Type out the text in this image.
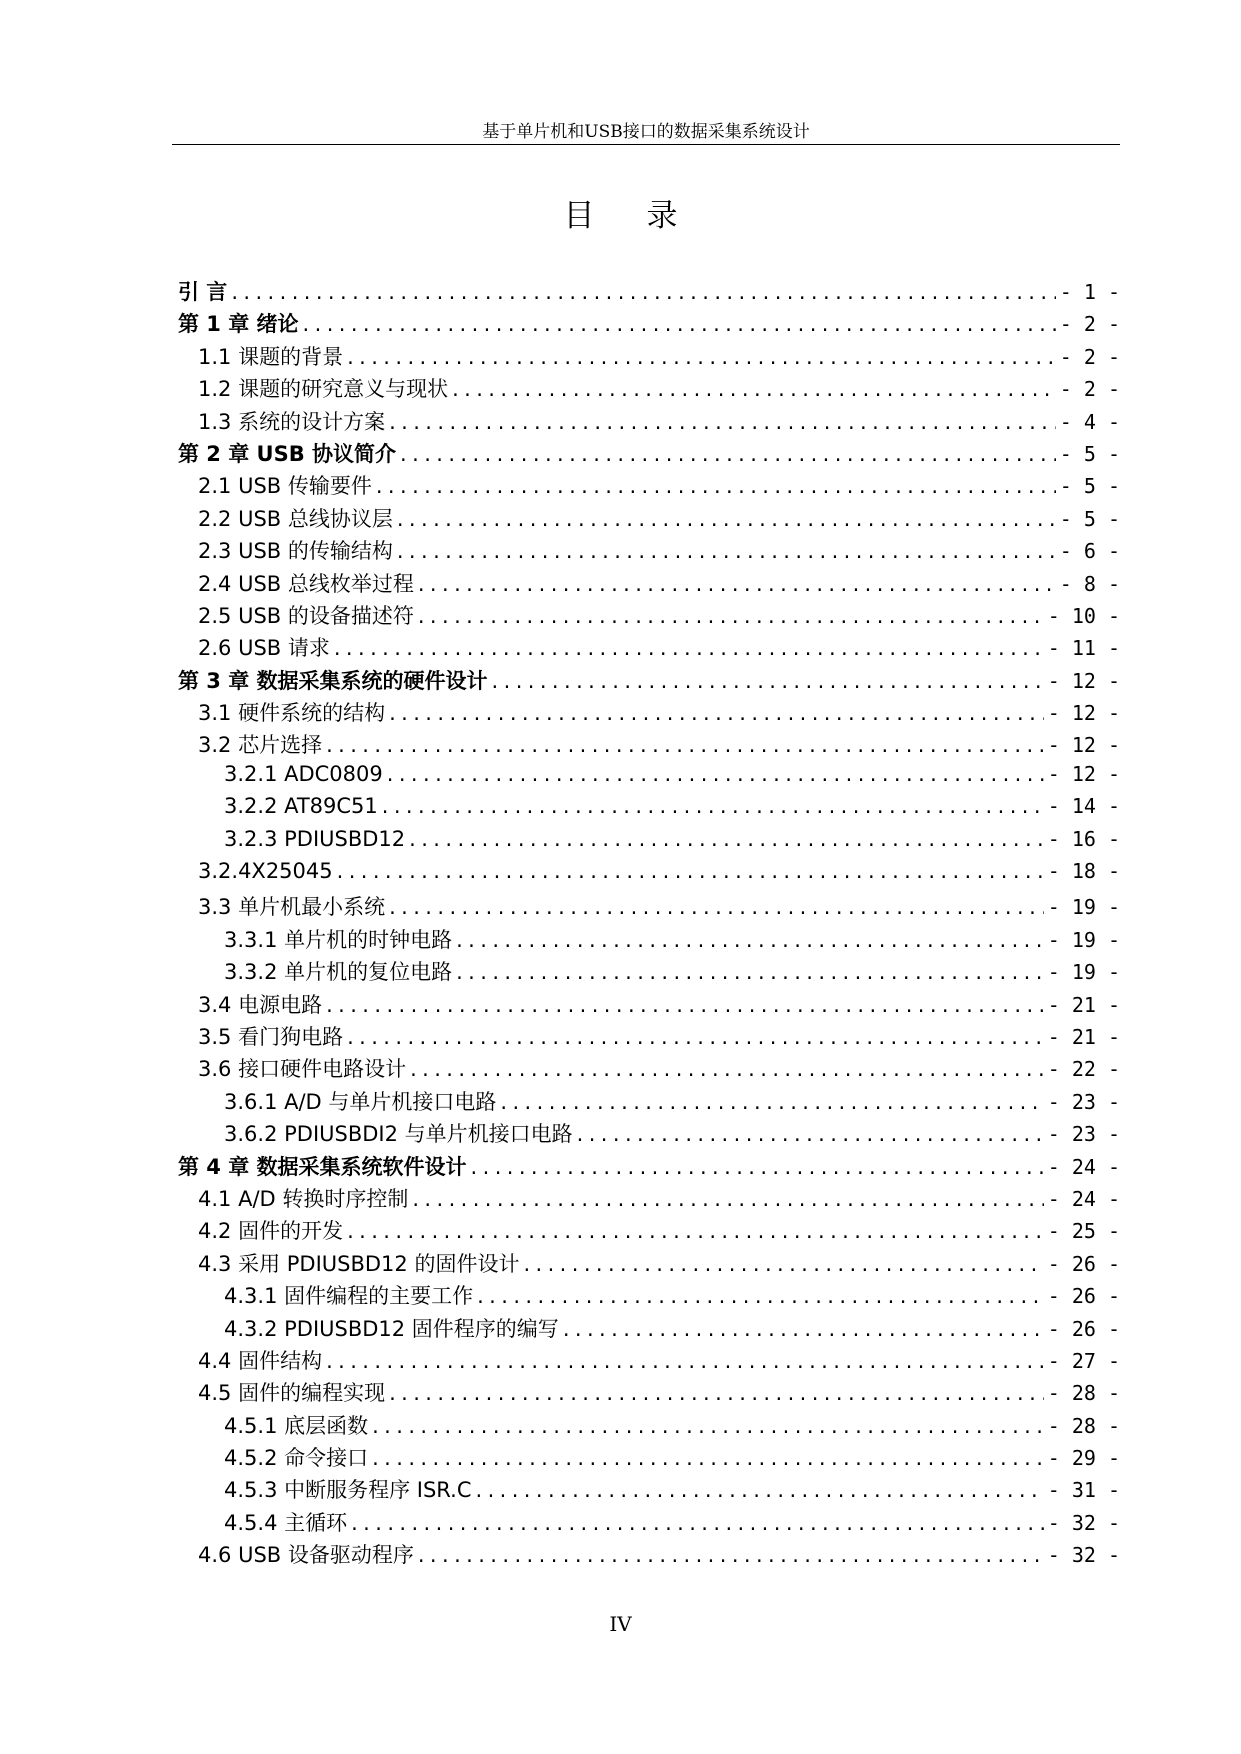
基于单片机和USB接口的数据采集系统设计
目录
引 言 .....	- 1 -
第 1 章 绪论 .....	- 2 -
1.1 课题的背景 .....	- 2 -
1.2 课题的研究意义与现状 .....	- 2 -
1.3 系统的设计方案 .....	- 4 -
第 2 章 USB 协议简介 .....	- 5 -
2.1 USB 传输要件 .....	- 5 -
2.2 USB 总线协议层 .....	- 5 -
2.3 USB 的传输结构 .....	- 6 -
2.4 USB 总线枚举过程 .....	- 8 -
2.5 USB 的设备描述符 .....	- 10 -
2.6 USB 请求 .....	- 11 -
第 3 章 数据采集系统的硬件设计 .....	- 12 -
3.1 硬件系统的结构 .....	- 12 -
3.2 芯片选择 .....	- 12 -
3.2.1 ADC0809 .....	- 12 -
3.2.2 AT89C51 .....	- 14 -
3.2.3 PDIUSBD12 .....	- 16 -
3.2.4X25045 .....	- 18 -
3.3 单片机最小系统 .....	- 19 -
3.3.1 单片机的时钟电路 .....	- 19 -
3.3.2 单片机的复位电路 .....	- 19 -
3.4 电源电路 .....	- 21 -
3.5 看门狗电路 .....	- 21 -
3.6 接口硬件电路设计 .....	- 22 -
3.6.1 A/D 与单片机接口电路 .....	- 23 -
3.6.2 PDIUSBDI2 与单片机接口电路 .....	- 23 -
第 4 章 数据采集系统软件设计 .....	- 24 -
4.1 A/D 转换时序控制 .....	- 24 -
4.2 固件的开发 .....	- 25 -
4.3 采用 PDIUSBD12 的固件设计 .....	- 26 -
4.3.1 固件编程的主要工作 .....	- 26 -
4.3.2 PDIUSBD12 固件程序的编写 .....	- 26 -
4.4 固件结构 .....	- 27 -
4.5 固件的编程实现 .....	- 28 -
4.5.1 底层函数 .....	- 28 -
4.5.2 命令接口 .....	- 29 -
4.5.3 中断服务程序 ISR.C .....	- 31 -
4.5.4 主循环 .....	- 32 -
4.6 USB 设备驱动程序 .....	- 32 -
IV
